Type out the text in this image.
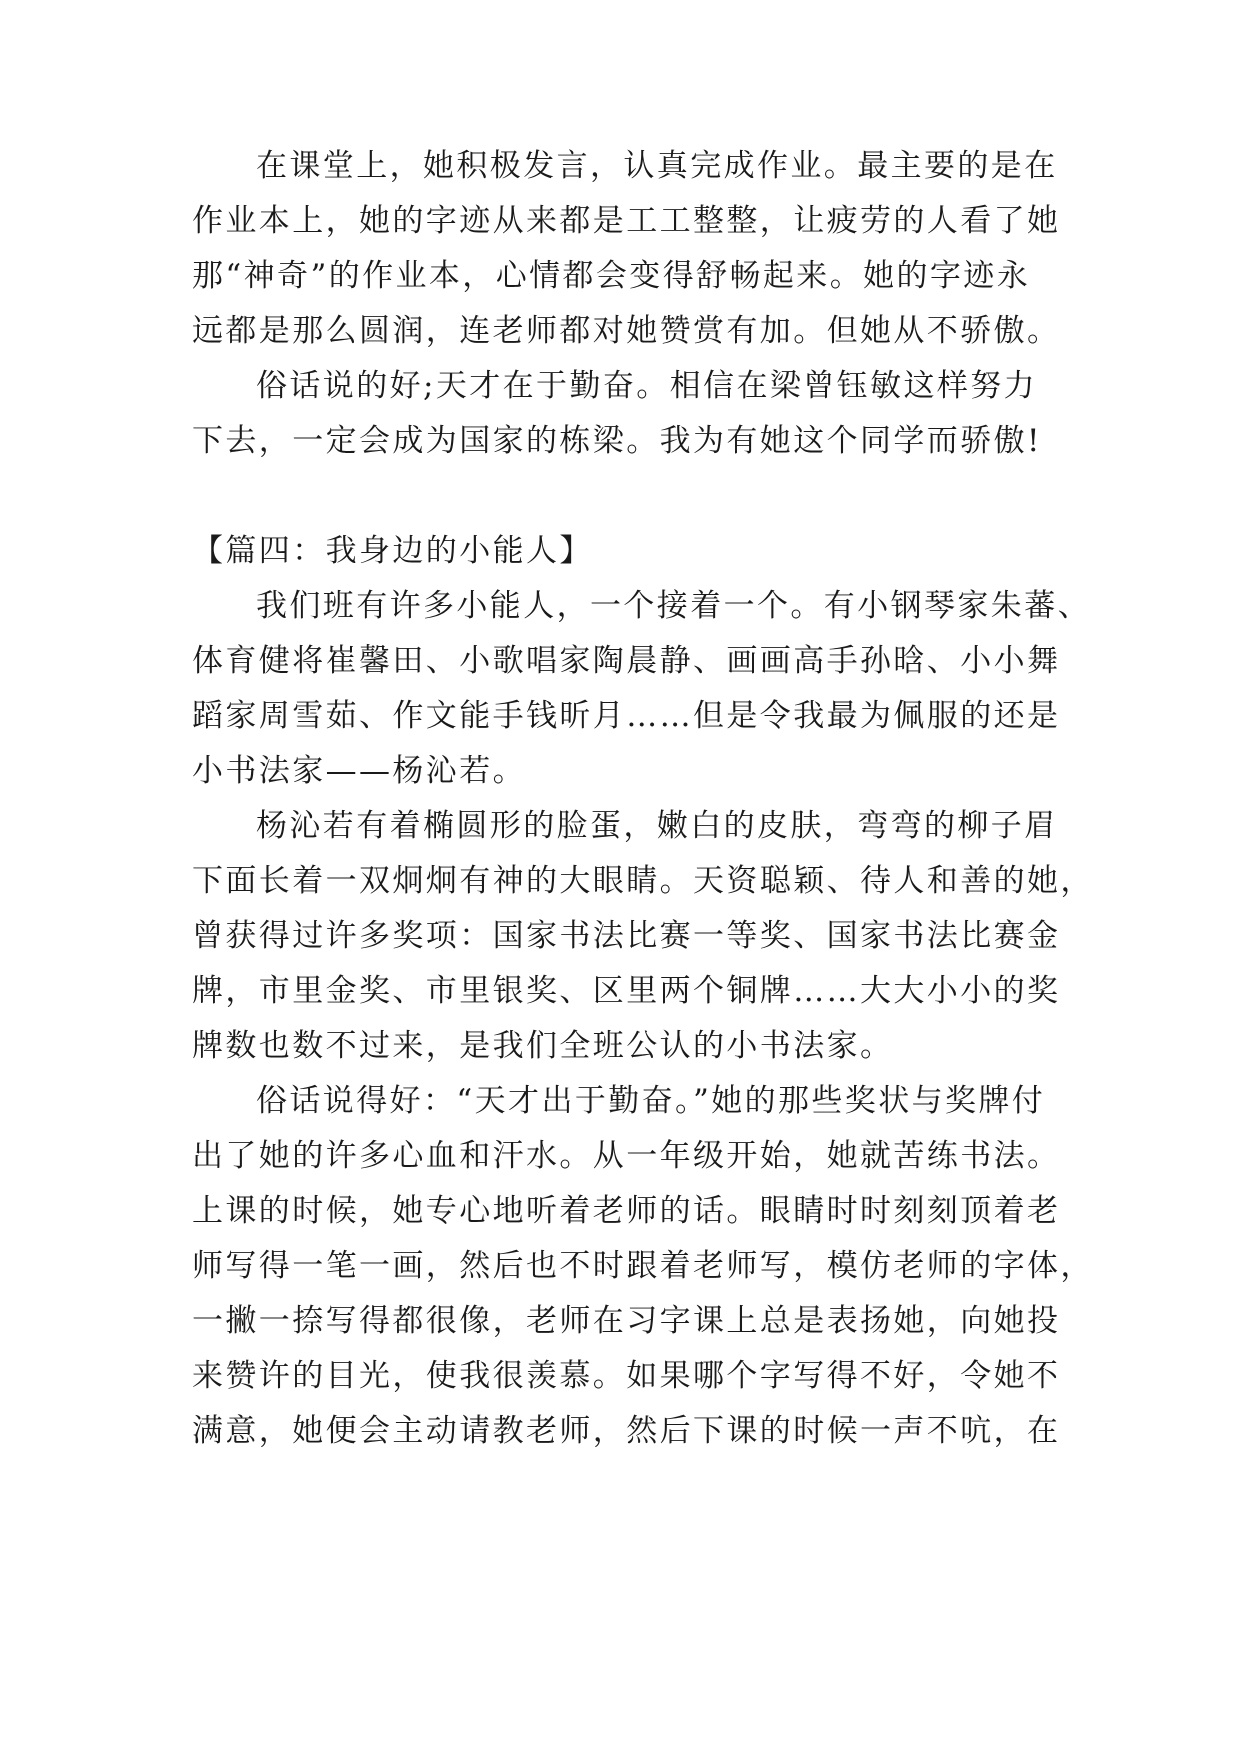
在课堂上，她积极发言，认真完成作业。最主要的是在
作业本上，她的字迹从来都是工工整整，让疲劳的人看了她
那“神奇”的作业本，心情都会变得舒畅起来。她的字迹永
远都是那么圆润，连老师都对她赞赏有加。但她从不骄傲。
俗话说的好;天才在于勤奋。相信在梁曾钰敏这样努力
下去，一定会成为国家的栋梁。我为有她这个同学而骄傲!
【篇四：我身边的小能人】
我们班有许多小能人，一个接着一个。有小钢琴家朱蕃、
体育健将崔馨田、小歌唱家陶晨静、画画高手孙晗、小小舞
蹈家周雪茹、作文能手钱昕月……但是令我最为佩服的还是
小书法家——杨沁若。
杨沁若有着椭圆形的脸蛋，嫩白的皮肤，弯弯的柳子眉
下面长着一双炯炯有神的大眼睛。天资聪颖、待人和善的她，
曾获得过许多奖项：国家书法比赛一等奖、国家书法比赛金
牌，市里金奖、市里银奖、区里两个铜牌……大大小小的奖
牌数也数不过来，是我们全班公认的小书法家。
俗话说得好：“天才出于勤奋。”她的那些奖状与奖牌付
出了她的许多心血和汗水。从一年级开始，她就苦练书法。
上课的时候，她专心地听着老师的话。眼睛时时刻刻顶着老
师写得一笔一画，然后也不时跟着老师写，模仿老师的字体，
一撇一捺写得都很像，老师在习字课上总是表扬她，向她投
来赞许的目光，使我很羡慕。如果哪个字写得不好，令她不
满意，她便会主动请教老师，然后下课的时候一声不吭，在
